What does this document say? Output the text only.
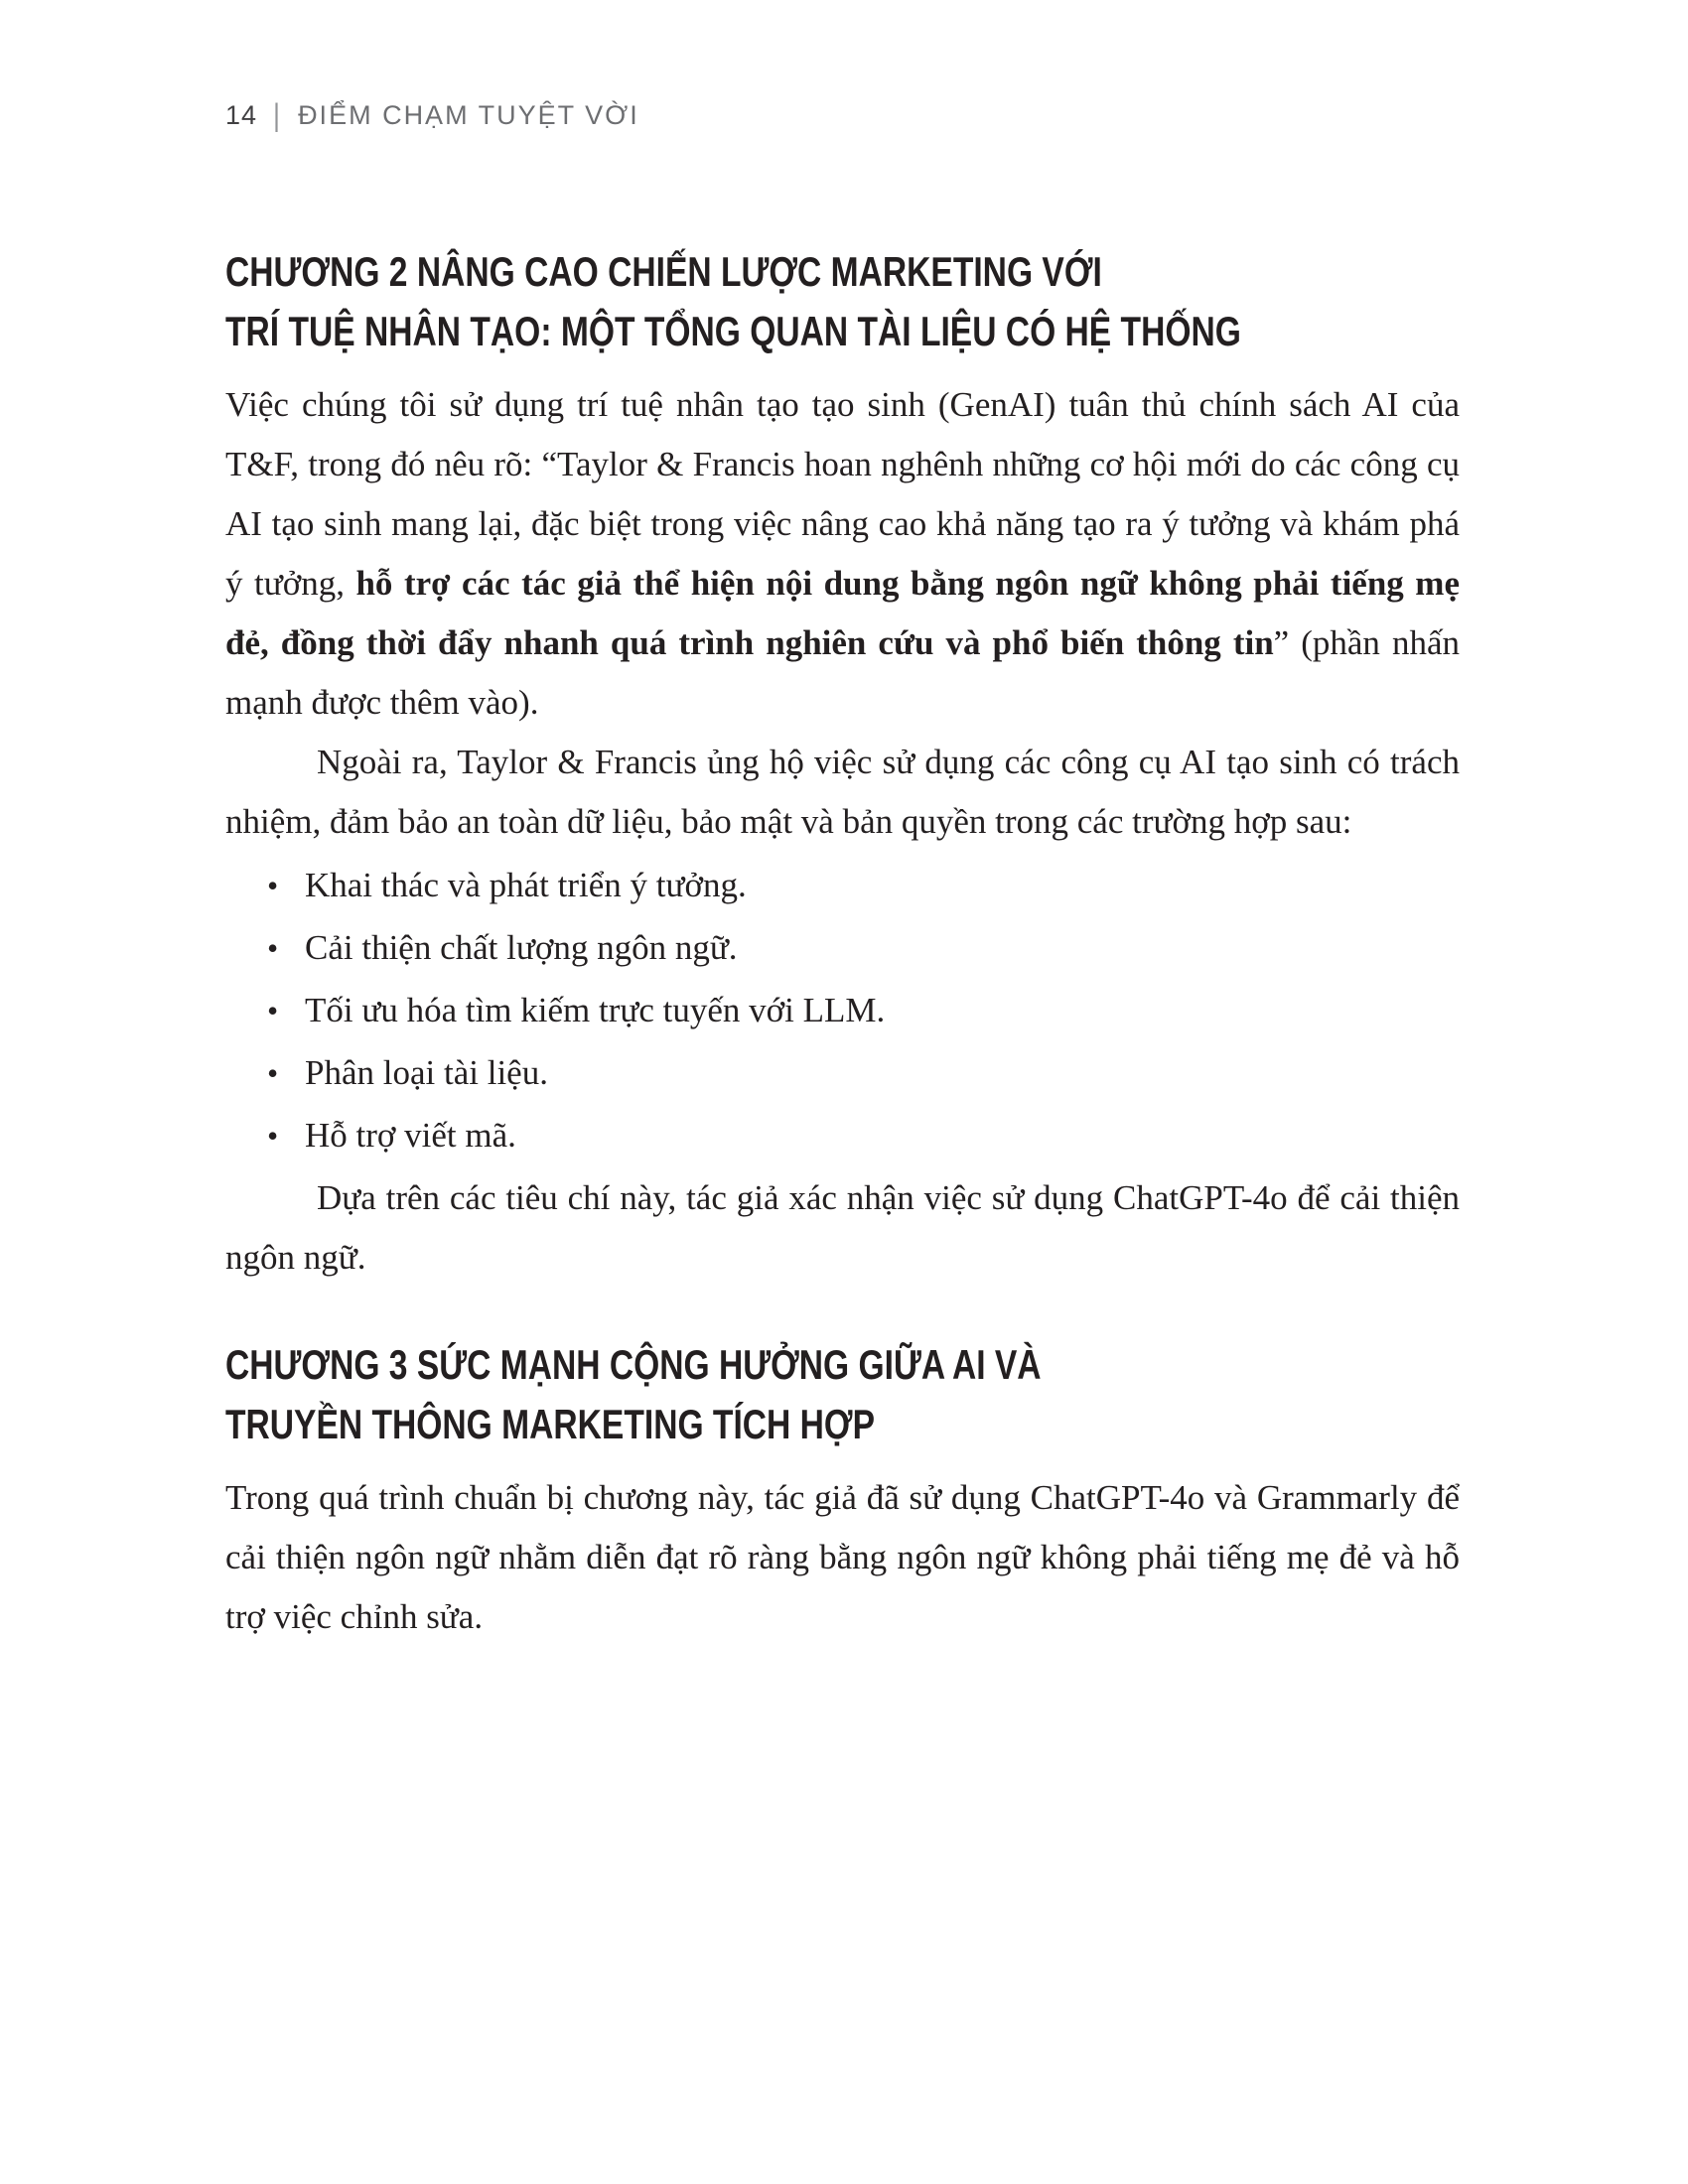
14 | ĐIỂM CHẠM TUYỆT VỜI
CHƯƠNG 2 NÂNG CAO CHIẾN LƯỢC MARKETING VỚI
TRÍ TUỆ NHÂN TẠO: MỘT TỔNG QUAN TÀI LIỆU CÓ HỆ THỐNG

Việc chúng tôi sử dụng trí tuệ nhân tạo tạo sinh (GenAI) tuân thủ chính sách AI của T&F, trong đó nêu rõ: “Taylor & Francis hoan nghênh những cơ hội mới do các công cụ AI tạo sinh mang lại, đặc biệt trong việc nâng cao khả năng tạo ra ý tưởng và khám phá ý tưởng, hỗ trợ các tác giả thể hiện nội dung bằng ngôn ngữ không phải tiếng mẹ đẻ, đồng thời đẩy nhanh quá trình nghiên cứu và phổ biến thông tin” (phần nhấn mạnh được thêm vào).

Ngoài ra, Taylor & Francis ủng hộ việc sử dụng các công cụ AI tạo sinh có trách nhiệm, đảm bảo an toàn dữ liệu, bảo mật và bản quyền trong các trường hợp sau:

• Khai thác và phát triển ý tưởng.
• Cải thiện chất lượng ngôn ngữ.
• Tối ưu hóa tìm kiếm trực tuyến với LLM.
• Phân loại tài liệu.
• Hỗ trợ viết mã.

Dựa trên các tiêu chí này, tác giả xác nhận việc sử dụng ChatGPT-4o để cải thiện ngôn ngữ.

CHƯƠNG 3 SỨC MẠNH CỘNG HƯỞNG GIỮA AI VÀ
TRUYỀN THÔNG MARKETING TÍCH HỢP

Trong quá trình chuẩn bị chương này, tác giả đã sử dụng ChatGPT-4o và Grammarly để cải thiện ngôn ngữ nhằm diễn đạt rõ ràng bằng ngôn ngữ không phải tiếng mẹ đẻ và hỗ trợ việc chỉnh sửa.
